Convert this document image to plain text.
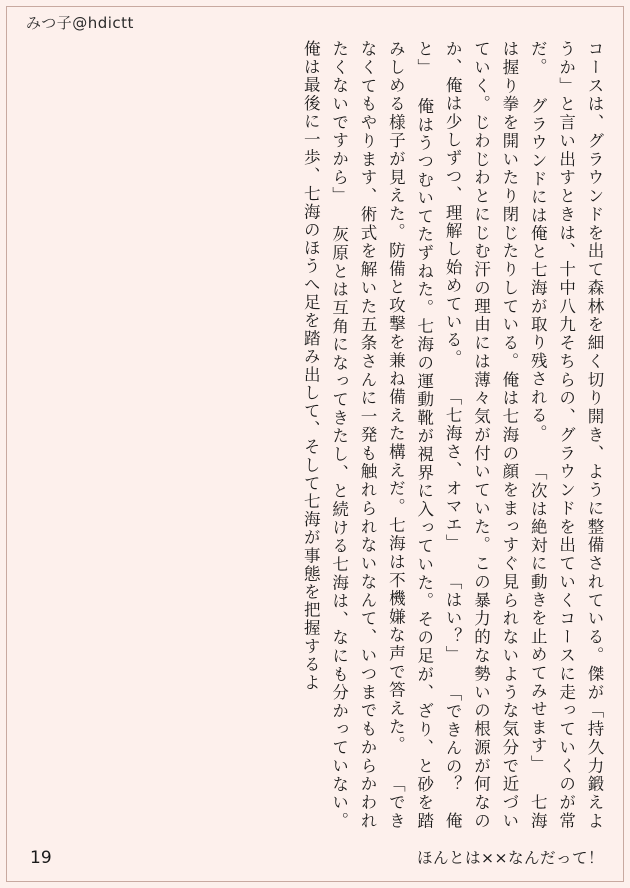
みつ子@hdictt
コースは、グラウンドを出て森林を細く切り開き、ように整備されている。傑が「持久力鍛えようか」と言い出すときは、十中八九そちらの、グラウンドを出ていくコースに走っていくのが常だ。 グラウンドには俺と七海が取り残される。 「次は絶対に動きを止めてみせます」 七海は握り拳を開いたり閉じたりしている。俺は七海の顔をまっすぐ見られないような気分で近づいていく。じわじわとにじむ汗の理由には薄々気が付いていた。この暴力的な勢いの根源が何なのか、俺は少しずつ、理解し始めている。 「七海さ、オマエ」 「はい？」 「できんの？　俺と」 俺はうつむいてたずねた。七海の運動靴が視界に入っていた。その足が、ざり、と砂を踏みしめる様子が見えた。防備と攻撃を兼ね備えた構えだ。七海は不機嫌な声で答えた。 「できなくてもやります、術式を解いた五条さんに一発も触れられないなんて、いつまでもからかわれたくないですから」 灰原とは互角になってきたし、と続ける七海は、なにも分かっていない。 俺は最後に一歩、七海のほうへ足を踏み出して、そして七海が事態を把握するよ
19	ほんとは××なんだって！
